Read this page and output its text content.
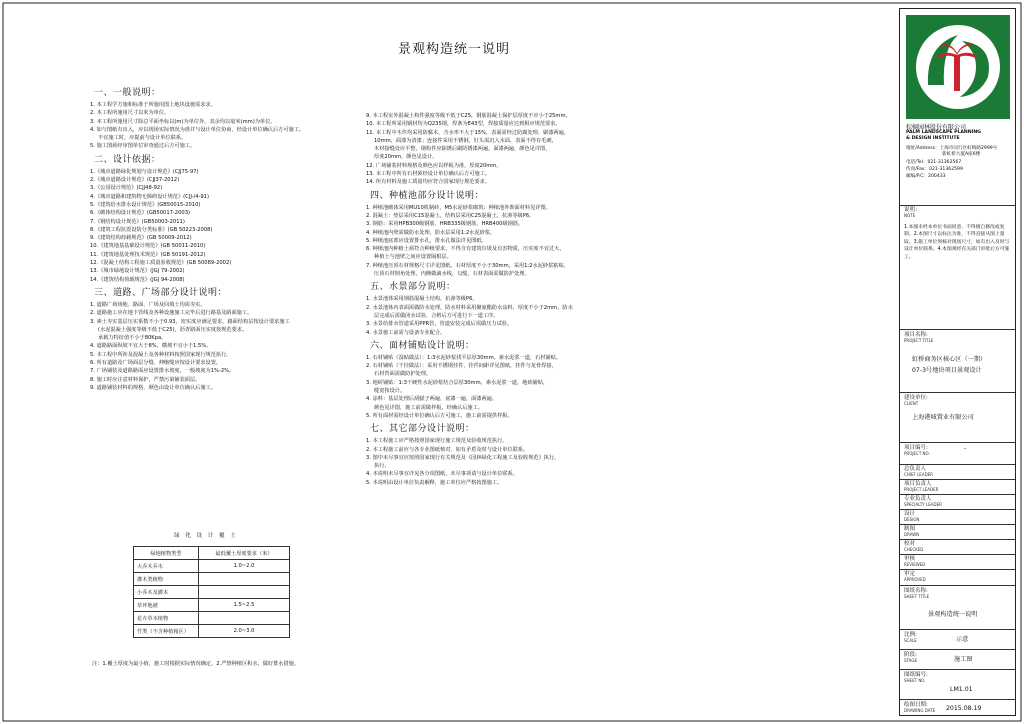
景观构造统一说明
一、一般说明：
1. 本工程学方施和标准于所施用图上地块设施需求求。
2. 本工程所施用尺寸以米为单位。
3. 本工程所施用尺寸除总平面坐标以(m)为单位外，其余均以毫米(mm)为单位。
4. 如与图纸有出入，应以现场实际情况为准并与设计单位协商，经设计单位确认后方可施工。
不宜施工时，应提前与设计单位联系。
5. 施工图须经审图单位审查通过后方可施工。
二、设计依据：
1.《城市道路绿化规划与设计规范》(CJJ75-97)
2.《城市道路设计规范》(CJJ37-2012)
3.《公园设计规范》(CJJ48-92)
4.《城市道路和建筑物无障碍设计规范》(CJJ-/4-91)
5.《建筑给水排水设计规范》(GB50015-2010)
6.《砌体结构设计规范》(GB50017-2003)
7.《钢结构设计规范》(GB50003-2011)
8.《建筑工程抗震设防分类标准》(GB 50223-2008)
9.《建筑结构荷载规范》(GB 50009-2012)
10.《建筑地基基础设计规范》(GB 50011-2010)
11.《建筑地基处理技术规范》(GB 50191-2012)
12.《混凝土结构工程施工质量验收规范》(GB 50089-2002)
13.《城市绿地设计规范》(JGJ 79-2002)
14.《建筑结构荷载规范》(JGJ 94-2008)
三、道路、广场部分设计说明：
1. 道路广场场地、路面、广场及回填土均需夯实。
2. 道路施工应在地下管线及各种设施施工完毕后进行路基及路面施工。
3. 素土夯实基层压实系数不小于0.93，密实度应满足要求，路面结构层按设计要求施工
(水泥混凝土强度等级不低于C25)，沥青路面压实度按规范要求。
承载力特征值不小于80Kpa。
4. 道路路面纵坡不宜大于8%，横坡不宜小于1.5%。
5. 本工程中所涉及混凝土及各种材料按照国家现行规范执行。
6. 所有道路及广场面层分缝、伸缩缝应按设计要求设置。
7. 广场铺装及道路路面应设置排水坡度，一般坡度为1%-2%。
8. 施工时应注意材料保护，严禁污染铺装面层。
9. 道路铺装材料的规格、颜色由设计单位确认后施工。
绿 化 设 计 覆 土
绿地植物类型	最低覆土厚度要求（米）
大乔木乔木	1.0~2.0
灌木类植物	
小乔木及灌木	
草坪地被	1.5~2.5
花卉草本植物	
竹类（不含种植箱区）	2.0~3.0
注：1.覆土厚度为最小值，施工时根据实际情况确定，2.严禁种植区积水，做好排水措施。
9. 本工程室外混凝土构件强度等级不低于C25，钢筋混凝土保护层厚度不应小于25mm。
10. 本工程所采用钢材均为Q235钢，焊条为E43型，焊接质量应达到相应规范要求。
11. 本工程中木作均采用防腐木，含水率不大于15%，表面需经过防腐处理，刷漆两遍，
10mm，面漆为清漆；连接件采用不锈钢，钉头需沉入木面，表面不得有毛刺，
木材接缝处应平整，钢构件应除锈后刷防锈漆两遍，面漆两遍，颜色见详图，
厚度20mm，颜色见设计。
12. 广场铺装材料规格及颜色应以样板为准，厚度20mm。
13. 本工程中所有石材须经设计单位确认后方可施工。
14. 所有材料及施工质量均应符合国家现行规范要求。
四、种植池部分设计说明：
1. 种植池砌体采用MU10机制砖，M5水泥砂浆砌筑；种植池外饰面材料见详图。
2. 混凝土：垫层采用C15混凝土，结构层采用C25混凝土，抗渗等级P6。
3. 钢筋：采用HPB300级钢筋，HRB335级钢筋，HRB400级钢筋。
4. 种植池内壁需做防水处理，防水层采用1:2水泥砂浆。
5. 种植池底部应设置排水孔，排水孔做法详见图纸。
6. 种植池内种植土须符合种植要求，不得含有建筑垃圾及有害物质，压实度不宜过大，
种植土与池壁之间应设置隔根层。
7. 种植池压顶石材规格尺寸详见图纸，石材厚度不小于30mm，采用1:2水泥砂浆粘贴，
压顶石材倒角处理，内侧做滴水线，勾缝，石材表面需做防护处理。
五、水景部分说明：
1. 水景池体采用钢筋混凝土结构，抗渗等级P6。
2. 水景池体内表面需做防水处理，防水材料采用聚氨酯防水涂料，厚度不小于2mm，防水
层完成后需做闭水试验，合格后方可进行下一道工序。
3. 水景给排水管道采用PPR管，管道安装完成后需做压力试验。
4. 水景施工前需与设备专业配合。
六、面材铺贴设计说明：
1. 石材铺贴（湿贴做法）：1:3水泥砂浆找平层厚30mm，素水泥浆一道，石材铺贴。
2. 石材铺贴（干挂做法）：采用不锈钢挂件，挂件间距详见图纸，挂件与龙骨焊接，
石材背面需做防护处理。
3. 地砖铺贴：1:3干硬性水泥砂浆结合层厚30mm，素水泥浆一道，地砖铺贴，
缝宽按设计。
4. 涂料：基层处理后刮腻子两遍，底漆一遍，面漆两遍。
颜色见详图，施工前需做样板，经确认后施工。
5. 所有面材需经设计单位确认后方可施工，施工前需提供样板。
七、其它部分设计说明：
1. 本工程施工应严格按照国家现行施工规范及验收规范执行。
2. 本工程施工前应与各专业图纸核对，如有矛盾及时与设计单位联系。
3. 图中未尽事宜应按照国家现行有关规范及《园林绿化工程施工及验收规范》执行。
执行。
4. 本说明未尽事宜详见各分项图纸，未尽事项请与设计单位联系。
5. 本说明由设计单位负责解释，施工单位应严格按图施工。
棕榈园林股份有限公司
PALM LANDSCAPE PLANNING
& DESIGN INSTITUTE
地址/Address：上海市闵行区虹梅路2999号
新虹桥大厦A座6楼
电话/Tel：021-31362567
传真/Fax：021-31362599
邮编/P.C：200433
说明：
NOTE
1.本图未经本单位书面同意，不得擅自修改或复制。2.本图尺寸以标注为准，不得直接从图上量取。3.施工单位须核对现场尺寸，如有出入及时与设计单位联系。4.本图须经有关部门审批后方可施工。
项目名称:
PROJECT TITLE
虹桥商务区核心区（一期）
07-3号地块项目景观设计
建设单位:
CLIENT
上海港城置业有限公司
项目编号:
PROJECT NO.
-
总负责人
CHIEF LEADER
项目负责人
PROJECT LEADER
专业负责人
SPECIALTY LEADER
设计
DESIGN
制图
DRAWN
校对
CHECKED
审核
REVIEWED
审定
APPROVED
图纸名称:
SHEET TITLE
景观构造统一说明
比例:
SCALE	示意
阶段:
STAGE	施工图
图纸编号:
SHEET NO.
LM1.01
绘图日期:
DRAWING DATE 2015.08.19
